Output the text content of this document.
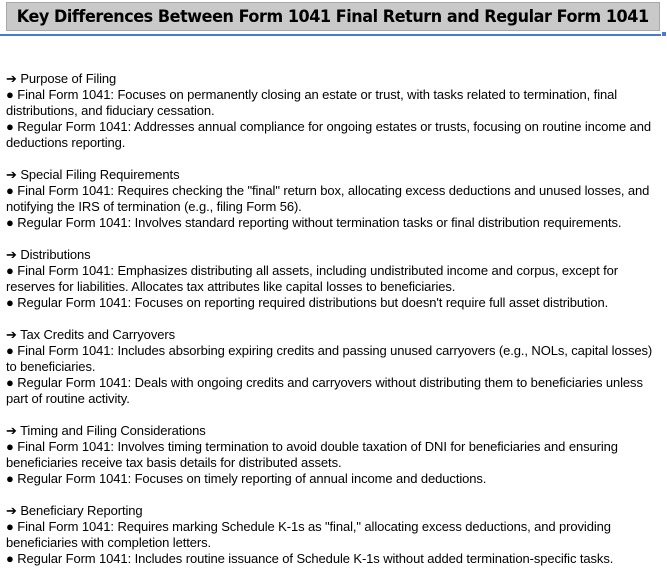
Key Differences Between Form 1041 Final Return and Regular Form 1041

➔ Purpose of Filing

● Final Form 1041: Focuses on permanently closing an estate or trust, with tasks related to termination, final distributions, and fiduciary cessation.

● Regular Form 1041: Addresses annual compliance for ongoing estates or trusts, focusing on routine income and deductions reporting.

➔ Special Filing Requirements

● Final Form 1041: Requires checking the "final" return box, allocating excess deductions and unused losses, and notifying the IRS of termination (e.g., filing Form 56).

● Regular Form 1041: Involves standard reporting without termination tasks or final distribution requirements.

➔ Distributions

● Final Form 1041: Emphasizes distributing all assets, including undistributed income and corpus, except for reserves for liabilities. Allocates tax attributes like capital losses to beneficiaries.

● Regular Form 1041: Focuses on reporting required distributions but doesn't require full asset distribution.

➔ Tax Credits and Carryovers

● Final Form 1041: Includes absorbing expiring credits and passing unused carryovers (e.g., NOLs, capital losses) to beneficiaries.

● Regular Form 1041: Deals with ongoing credits and carryovers without distributing them to beneficiaries unless part of routine activity.

➔ Timing and Filing Considerations

● Final Form 1041: Involves timing termination to avoid double taxation of DNI for beneficiaries and ensuring beneficiaries receive tax basis details for distributed assets.

● Regular Form 1041: Focuses on timely reporting of annual income and deductions.

➔ Beneficiary Reporting

● Final Form 1041: Requires marking Schedule K-1s as "final," allocating excess deductions, and providing beneficiaries with completion letters.

● Regular Form 1041: Includes routine issuance of Schedule K-1s without added termination-specific tasks.
